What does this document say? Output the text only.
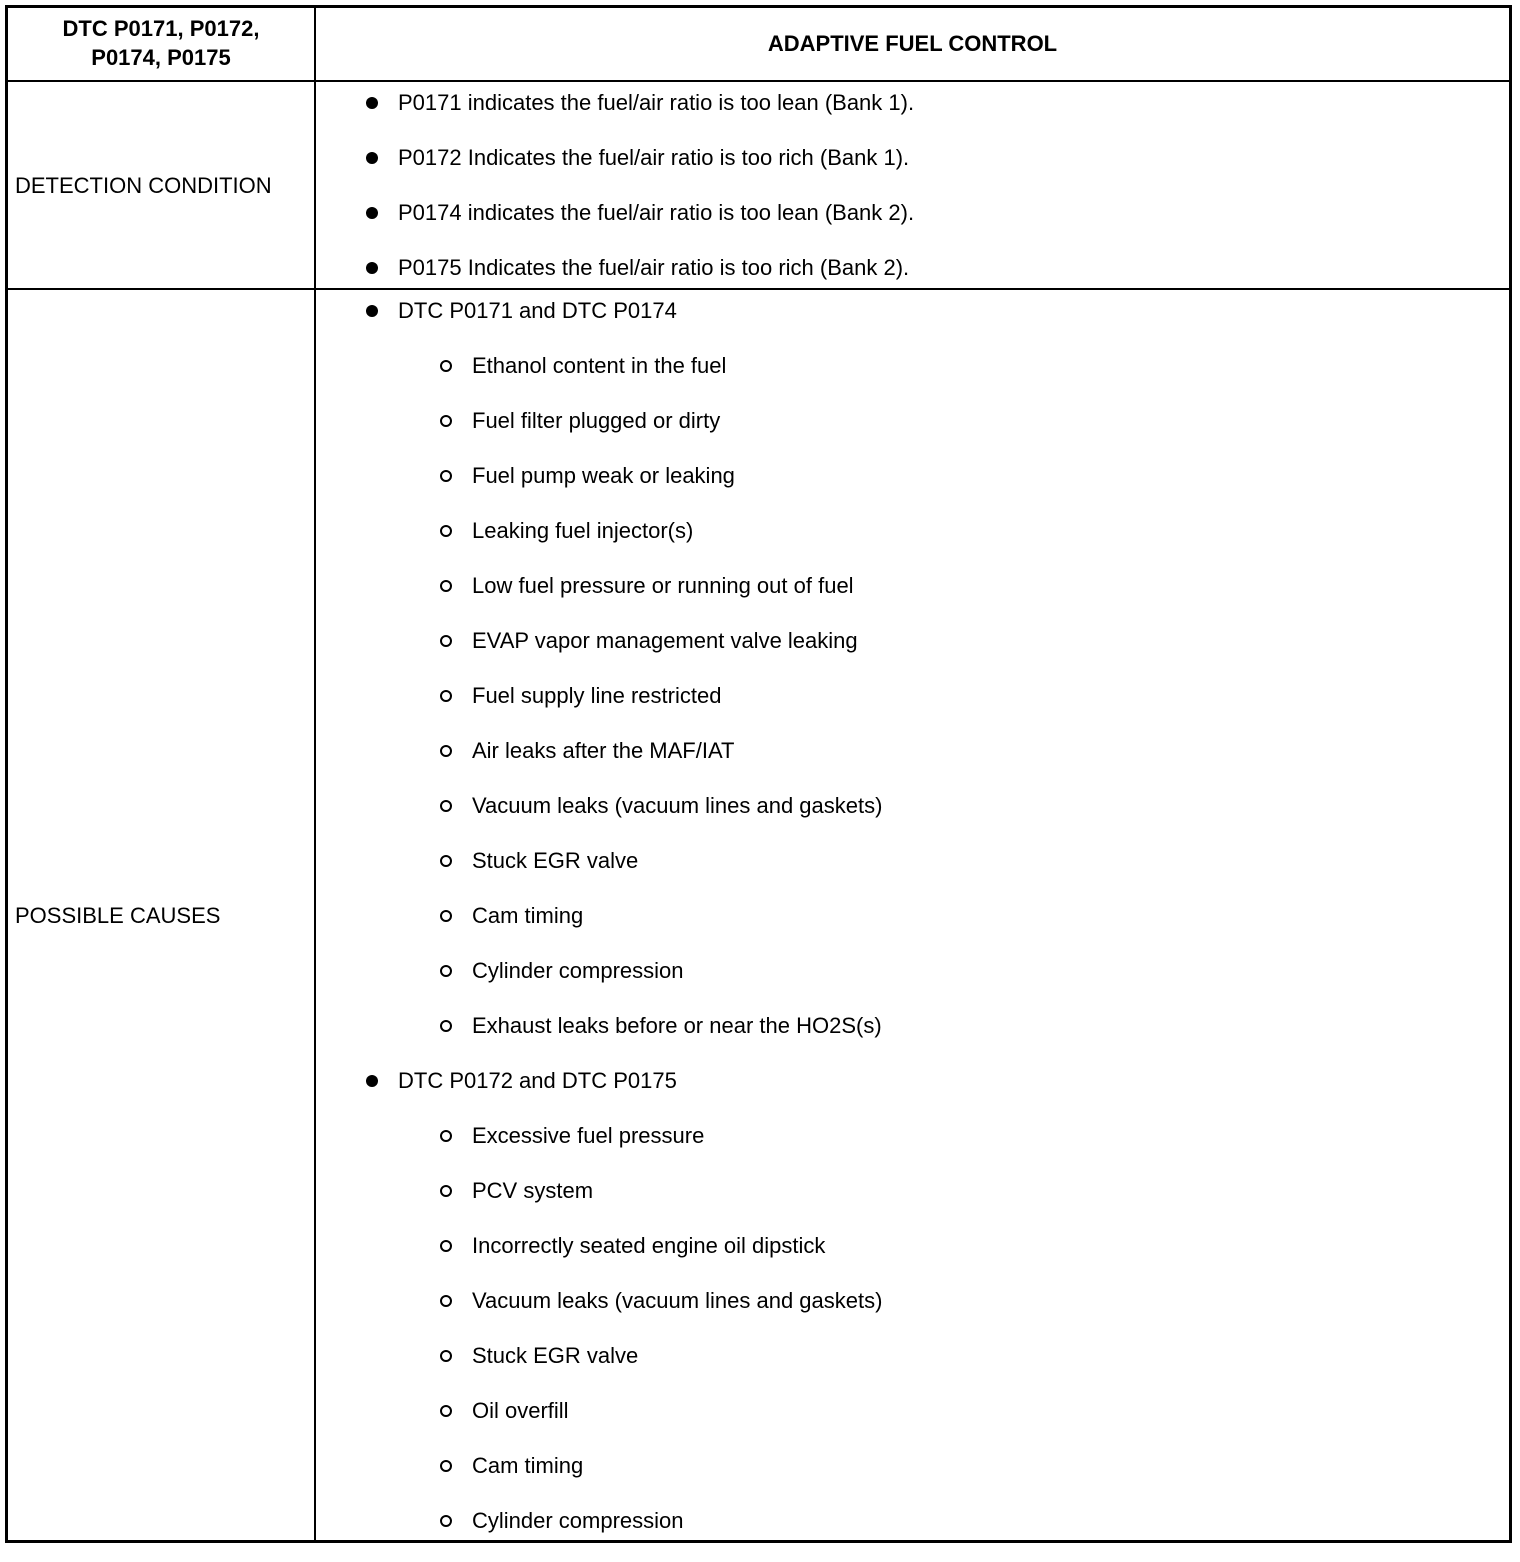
DTC P0171, P0172,
P0174, P0175
ADAPTIVE FUEL CONTROL
DETECTION CONDITION
P0171 indicates the fuel/air ratio is too lean (Bank 1).
P0172 Indicates the fuel/air ratio is too rich (Bank 1).
P0174 indicates the fuel/air ratio is too lean (Bank 2).
P0175 Indicates the fuel/air ratio is too rich (Bank 2).
POSSIBLE CAUSES
DTC P0171 and DTC P0174
Ethanol content in the fuel
Fuel filter plugged or dirty
Fuel pump weak or leaking
Leaking fuel injector(s)
Low fuel pressure or running out of fuel
EVAP vapor management valve leaking
Fuel supply line restricted
Air leaks after the MAF/IAT
Vacuum leaks (vacuum lines and gaskets)
Stuck EGR valve
Cam timing
Cylinder compression
Exhaust leaks before or near the HO2S(s)
DTC P0172 and DTC P0175
Excessive fuel pressure
PCV system
Incorrectly seated engine oil dipstick
Vacuum leaks (vacuum lines and gaskets)
Stuck EGR valve
Oil overfill
Cam timing
Cylinder compression
